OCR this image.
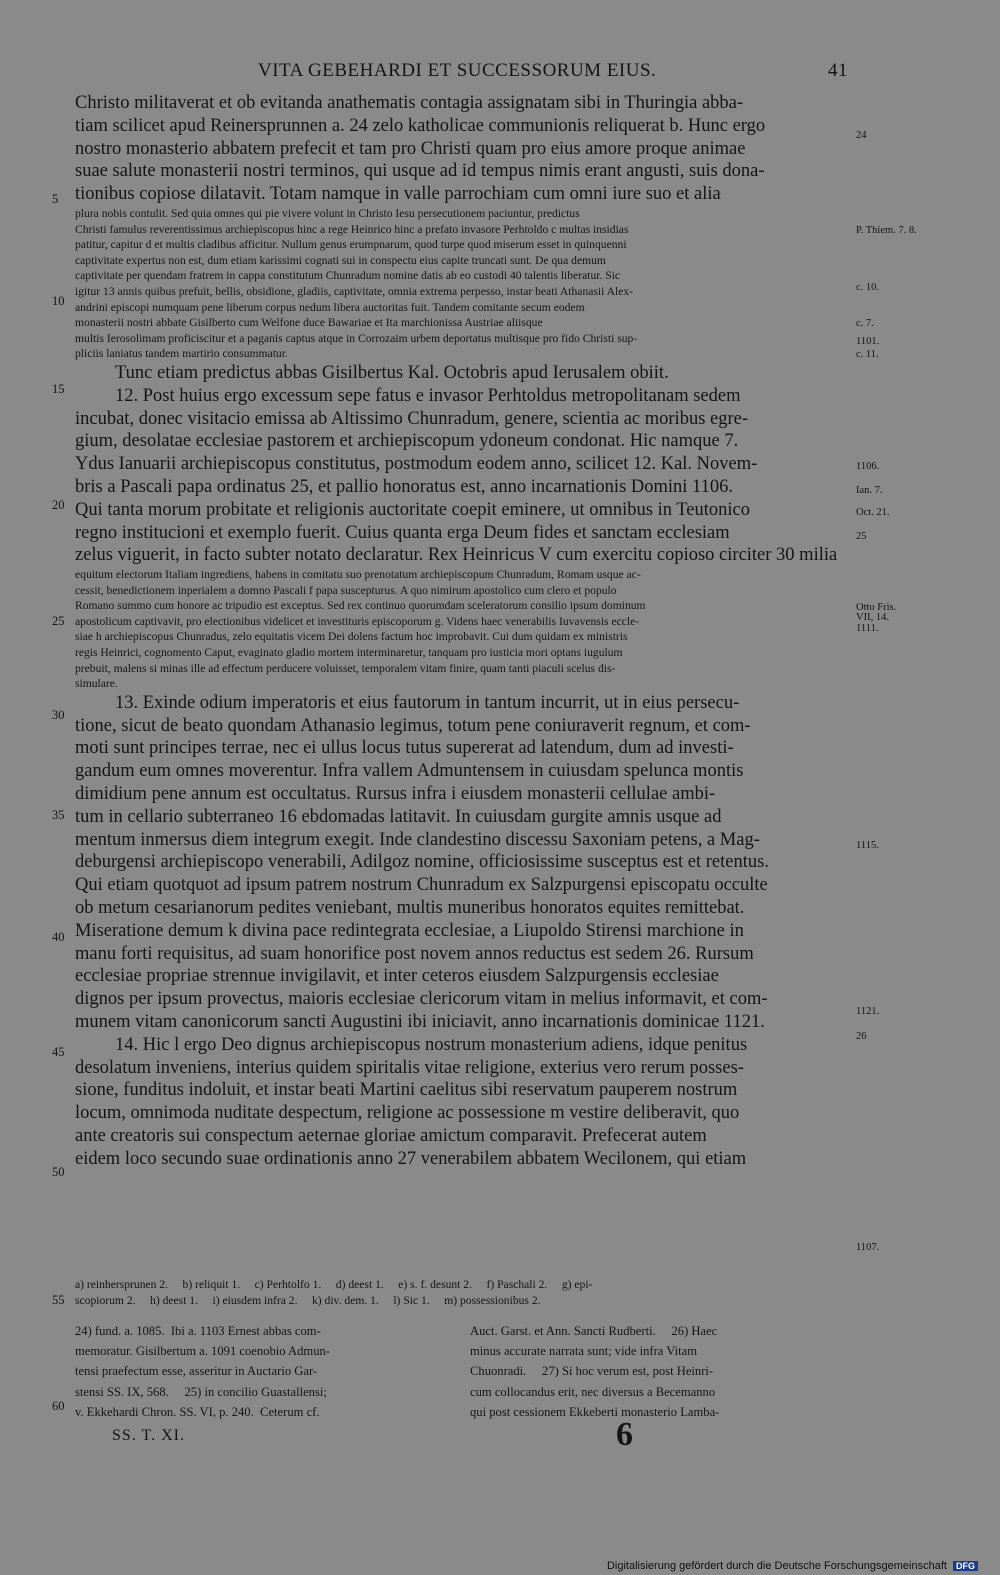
VITA GEBEHARDI ET SUCCESSORUM EIUS.	41
Christo militaverat et ob evitanda anathematis contagia assignatam sibi in Thuringia abba-
tiam scilicet apud Reinersprunnen a. 24 zelo katholicae communionis reliquerat b. Hunc ergo
nostro monasterio abbatem prefecit et tam pro Christi quam pro eius amore proque animae
suae salute monasterii nostri terminos, qui usque ad id tempus nimis erant angusti, suis dona-
tionibus copiose dilatavit. Totam namque in valle parrochiam cum omni iure suo et alia
plura nobis contulit. Sed quia omnes qui pie vivere volunt in Christo Iesu persecutionem paciuntur, predictus
Christi famulus reverentissimus archiepiscopus hinc a rege Heinrico hinc a prefato invasore Perhtoldo c multas insidias
patitur, capitur d et multis cladibus afficitur. Nullum genus erumpnarum, quod turpe quod miserum esset in quinquenni
captivitate expertus non est, dum etiam karissimi cognati sui in conspectu eius capite truncati sunt. De qua demum
captivitate per quendam fratrem in cappa constitutum Chunradum nomine datis ab eo custodi 40 talentis liberatur. Sic
igitur 13 annis quibus prefuit, bellis, obsidione, gladiis, captivitate, omnia extrema perpesso, instar beati Athanasii Alex-
andrini episcopi numquam pene liberum corpus nedum libera auctoritas fuit. Tandem comitante secum eodem
monasterii nostri abbate Gisilberto cum Welfone duce Bawariae et Ita marchionissa Austriae aliisque
multis Ierosolimam proficiscitur et a paganis captus atque in Corrozaim urbem deportatus multisque pro fido Christi sup-
pliciis laniatus tandem martirio consummatur.
Tunc etiam predictus abbas Gisilbertus Kal. Octobris apud Ierusalem obiit.
12. Post huius ergo excessum sepe fatus e invasor Perhtoldus metropolitanam sedem
incubat, donec visitacio emissa ab Altissimo Chunradum, genere, scientia ac moribus egre-
gium, desolatae ecclesiae pastorem et archiepiscopum ydoneum condonat. Hic namque 7.
Ydus Ianuarii archiepiscopus constitutus, postmodum eodem anno, scilicet 12. Kal. Novem-
bris a Pascali papa ordinatus 25, et pallio honoratus est, anno incarnationis Domini 1106.
Qui tanta morum probitate et religionis auctoritate coepit eminere, ut omnibus in Teutonico
regno institucioni et exemplo fuerit. Cuius quanta erga Deum fides et sanctam ecclesiam
zelus viguerit, in facto subter notato declaratur. Rex Heinricus V cum exercitu copioso circiter 30 milia
equitum electorum Italiam ingrediens, habens in comitatu suo prenotatum archiepiscopum Chunradum, Romam usque ac-
cessit, benedictionem inperialem a domno Pascali f papa suscepturus. A quo nimirum apostolico cum clero et populo
Romano summo cum honore ac tripudio est exceptus. Sed rex continuo quorumdam sceleratorum consilio ipsum dominum
apostolicum captivavit, pro electionibus videlicet et investituris episcoporum g. Videns haec venerabilis Iuvavensis eccle-
siae h archiepiscopus Chunradus, zelo equitatis vicem Dei dolens factum hoc improbavit. Cui dum quidam ex ministris
regis Heinrici, cognomento Caput, evaginato gladio mortem interminaretur, tanquam pro iusticia mori optans iugulum
prebuit, malens si minas ille ad effectum perducere voluisset, temporalem vitam finire, quam tanti piaculi scelus dis-
simulare.
13. Exinde odium imperatoris et eius fautorum in tantum incurrit, ut in eius persecu-
tione, sicut de beato quondam Athanasio legimus, totum pene coniuraverit regnum, et com-
moti sunt principes terrae, nec ei ullus locus tutus supererat ad latendum, dum ad investi-
gandum eum omnes moverentur. Infra vallem Admuntensem in cuiusdam spelunca montis
dimidium pene annum est occultatus. Rursus infra i eiusdem monasterii cellulae ambi-
tum in cellario subterraneo 16 ebdomadas latitavit. In cuiusdam gurgite amnis usque ad
mentum inmersus diem integrum exegit. Inde clandestino discessu Saxoniam petens, a Mag-
deburgensi archiepiscopo venerabili, Adilgoz nomine, officiosissime susceptus est et retentus.
Qui etiam quotquot ad ipsum patrem nostrum Chunradum ex Salzpurgensi episcopatu occulte
ob metum cesarianorum pedites veniebant, multis muneribus honoratos equites remittebat.
Miseratione demum k divina pace redintegrata ecclesiae, a Liupoldo Stirensi marchione in
manu forti requisitus, ad suam honorifice post novem annos reductus est sedem 26. Rursum
ecclesiae propriae strennue invigilavit, et inter ceteros eiusdem Salzpurgensis ecclesiae
dignos per ipsum provectus, maioris ecclesiae clericorum vitam in melius informavit, et com-
munem vitam canonicorum sancti Augustini ibi iniciavit, anno incarnationis dominicae 1121.
14. Hic l ergo Deo dignus archiepiscopus nostrum monasterium adiens, idque penitus
desolatum inveniens, interius quidem spiritalis vitae religione, exterius vero rerum posses-
sione, funditus indoluit, et instar beati Martini caelitus sibi reservatum pauperem nostrum
locum, omnimoda nuditate despectum, religione ac possessione m vestire deliberavit, quo
ante creatoris sui conspectum aeternae gloriae amictum comparavit. Prefecerat autem
eidem loco secundo suae ordinationis anno 27 venerabilem abbatem Wecilonem, qui etiam
5
10
15
20
25
30
35
40
45
50
55
60
24
P. Thiem. 7. 8.
c. 10.
c. 7.
1101.
c. 11.
1106.
Ian. 7.
Oct. 21.
25
Otto Fris.
VII, 14.
1111.
1115.
1121.
26
1107.
a) reinhersprunen 2.     b) reliquit 1.     c) Perhtolfo 1.     d) deest 1.     e) s. f. desunt 2.     f) Paschali 2.     g) epi-
scopiorum 2.     h) deest 1.     i) eiusdem infra 2.     k) div. dem. 1.     l) Sic 1.     m) possessionibus 2.
24) fund. a. 1085.  Ibi a. 1103 Ernest abbas com-
memoratur. Gisilbertum a. 1091 coenobio Admun-
tensi praefectum esse, asseritur in Auctario Gar-
stensi SS. IX, 568.     25) in concilio Guastallensi;
v. Ekkehardi Chron. SS. VI, p. 240.  Ceterum cf.
Auct. Garst. et Ann. Sancti Rudberti.     26) Haec
minus accurate narrata sunt; vide infra Vitam
Chuonradi.     27) Si hoc verum est, post Heinri-
cum collocandus erit, nec diversus a Becemanno
qui post cessionem Ekkeberti monasterio Lamba-
SS. T. XI.	6
Digitalisierung gefördert durch die Deutsche Forschungsgemeinschaft DFG
